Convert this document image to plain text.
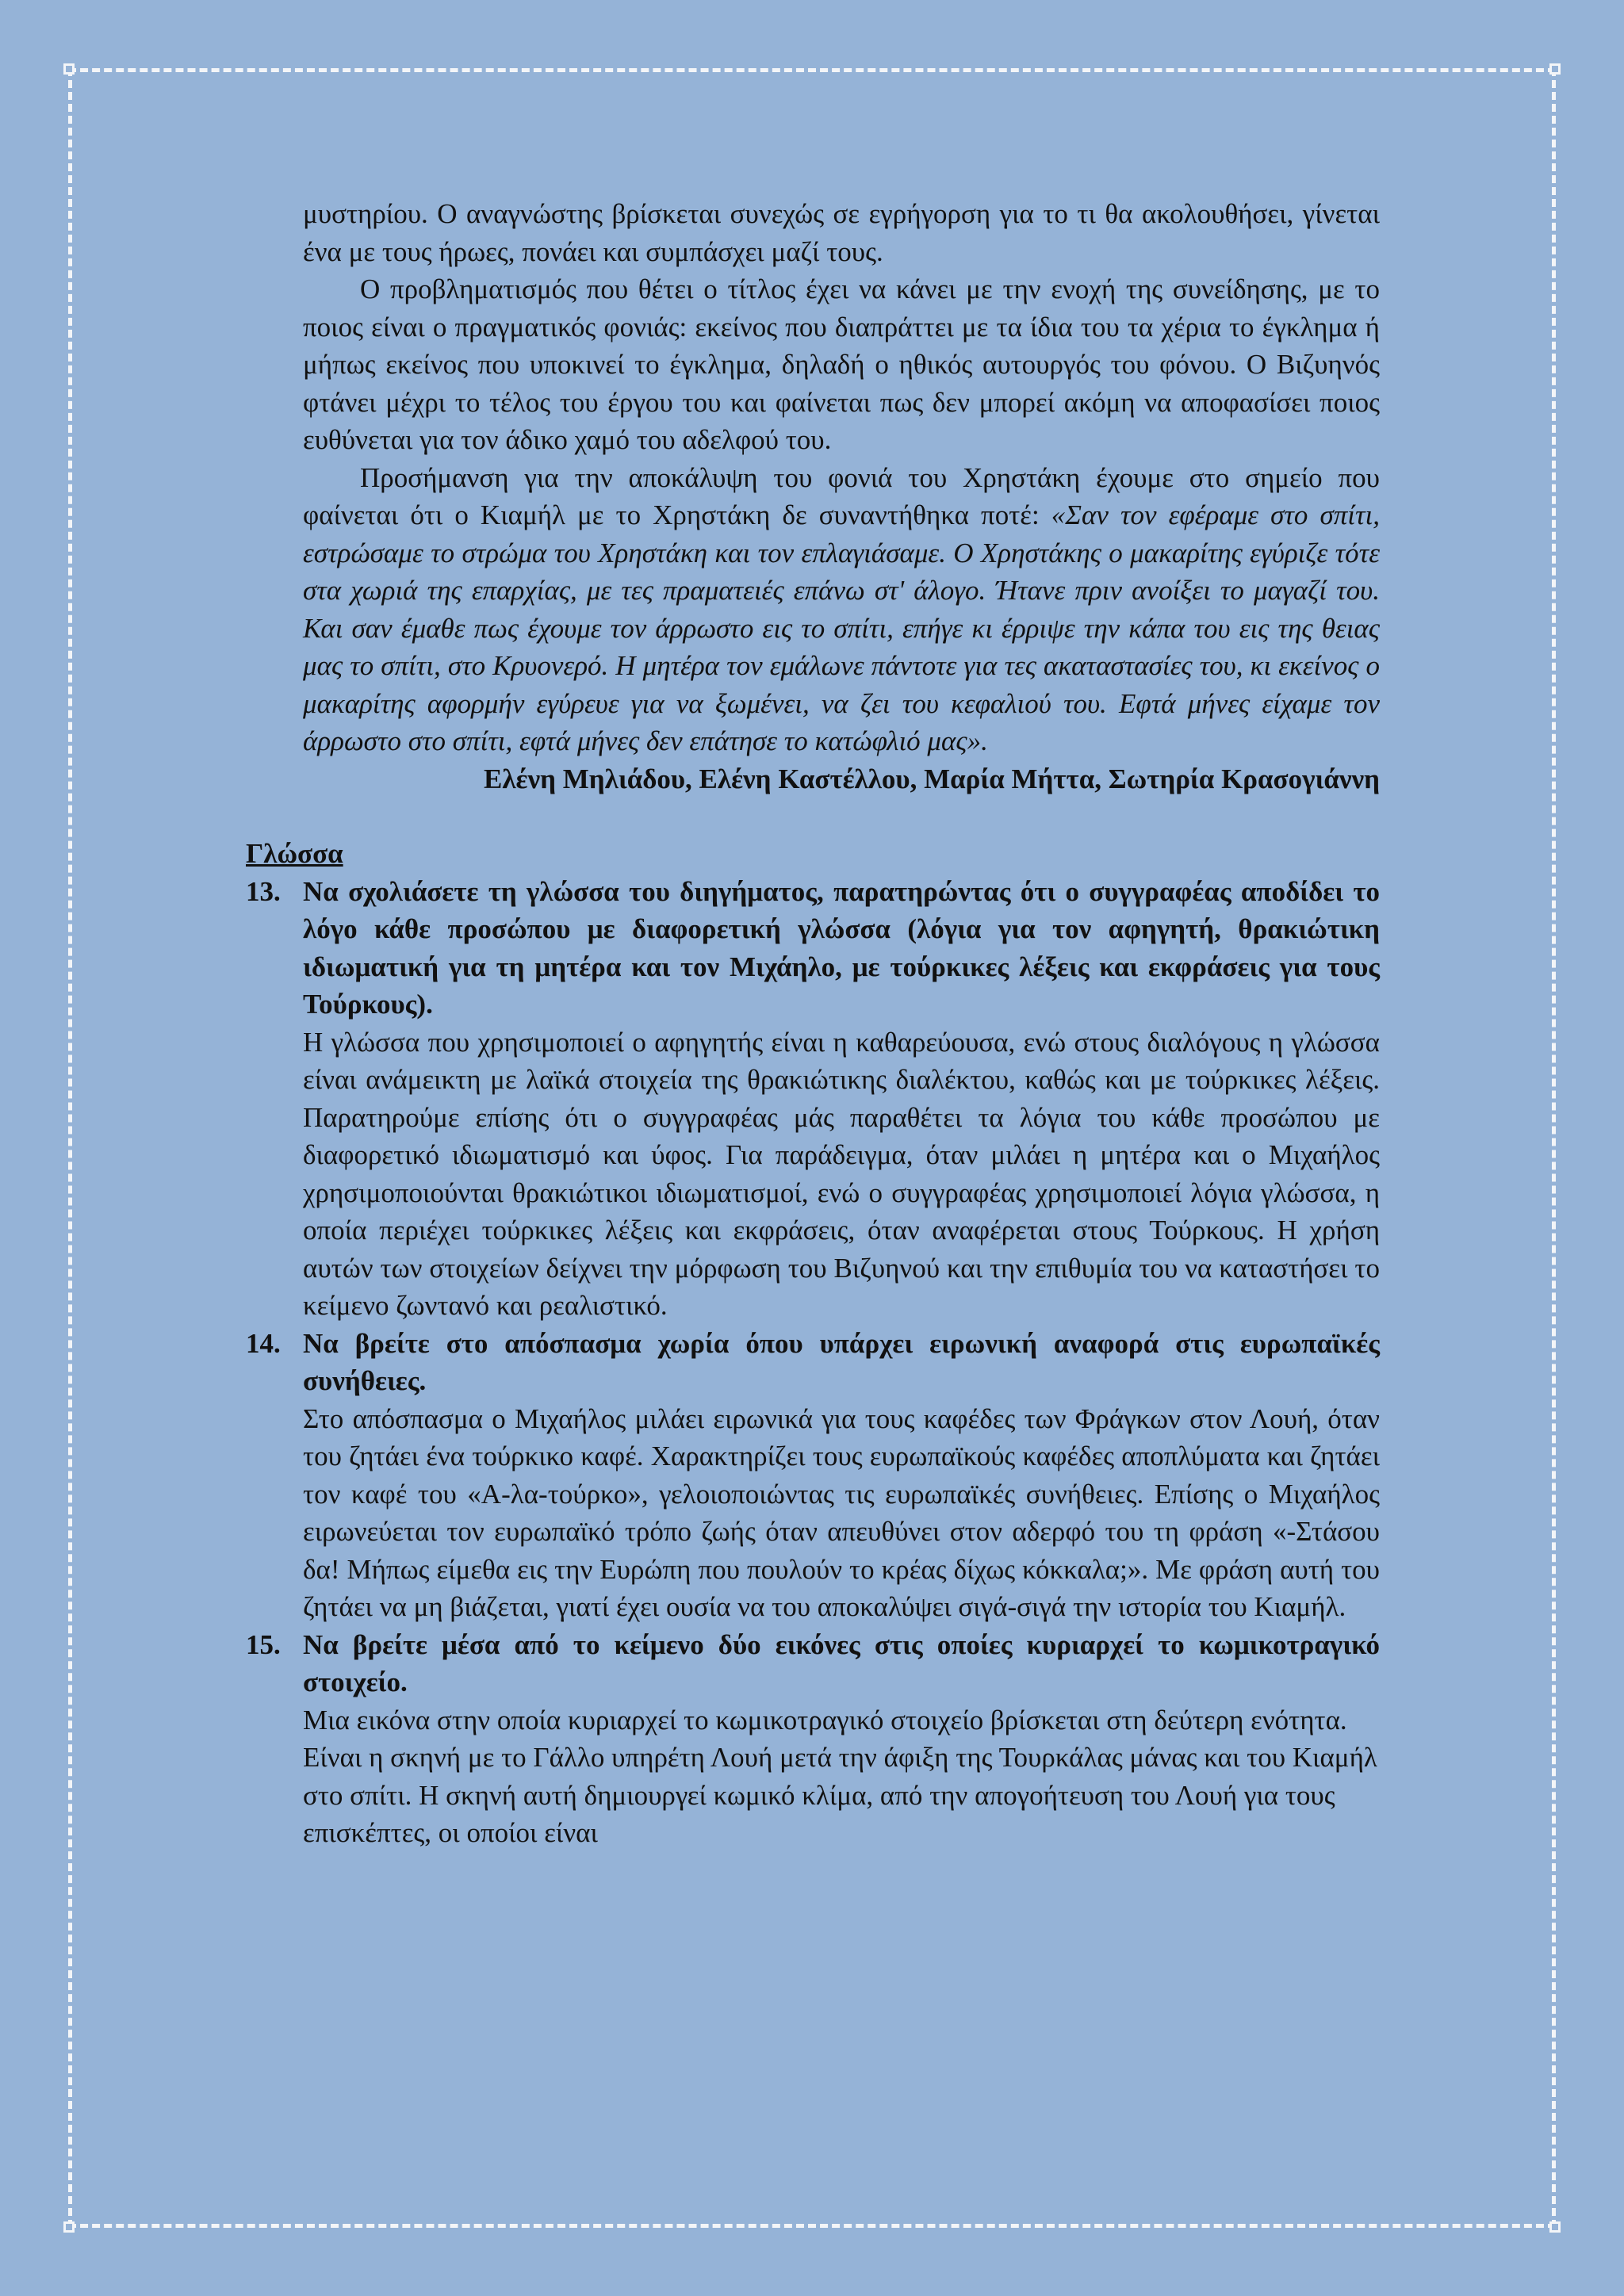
μυστηρίου. Ο αναγνώστης βρίσκεται συνεχώς σε εγρήγορση για το τι θα ακολουθήσει, γίνεται ένα με τους ήρωες, πονάει και συμπάσχει μαζί τους.

Ο προβληματισμός που θέτει ο τίτλος έχει να κάνει με την ενοχή της συνείδησης, με το ποιος είναι ο πραγματικός φονιάς: εκείνος που διαπράττει με τα ίδια του τα χέρια το έγκλημα ή μήπως εκείνος που υποκινεί το έγκλημα, δηλαδή ο ηθικός αυτουργός του φόνου. Ο Βιζυηνός φτάνει μέχρι το τέλος του έργου του και φαίνεται πως δεν μπορεί ακόμη να αποφασίσει ποιος ευθύνεται για τον άδικο χαμό του αδελφού του.

Προσήμανση για την αποκάλυψη του φονιά του Χρηστάκη έχουμε στο σημείο που φαίνεται ότι ο Κιαμήλ με το Χρηστάκη δε συναντήθηκα ποτέ: «Σαν τον εφέραμε στο σπίτι, εστρώσαμε το στρώμα του Χρηστάκη και τον επλαγιάσαμε. Ο Χρηστάκης ο μακαρίτης εγύριζε τότε στα χωριά της επαρχίας, με τες πραματειές επάνω στ' άλογο. Ήτανε πριν ανοίξει το μαγαζί του. Και σαν έμαθε πως έχουμε τον άρρωστο εις το σπίτι, επήγε κι έρριψε την κάπα του εις της θειας μας το σπίτι, στο Κρυονερό. Η μητέρα τον εμάλωνε πάντοτε για τες ακαταστασίες του, κι εκείνος ο μακαρίτης αφορμήν εγύρευε για να ξωμένει, να ζει του κεφαλιού του. Εφτά μήνες είχαμε τον άρρωστο στο σπίτι, εφτά μήνες δεν επάτησε το κατώφλιό μας».

Ελένη Μηλιάδου, Ελένη Καστέλλου, Μαρία Μήττα, Σωτηρία Κρασογιάννη

Γλώσσα

13. Να σχολιάσετε τη γλώσσα του διηγήματος, παρατηρώντας ότι ο συγγραφέας αποδίδει το λόγο κάθε προσώπου με διαφορετική γλώσσα (λόγια για τον αφηγητή, θρακιώτικη ιδιωματική για τη μητέρα και τον Μιχάηλο, με τούρκικες λέξεις και εκφράσεις για τους Τούρκους).

Η γλώσσα που χρησιμοποιεί ο αφηγητής είναι η καθαρεύουσα, ενώ στους διαλόγους η γλώσσα είναι ανάμεικτη με λαϊκά στοιχεία της θρακιώτικης διαλέκτου, καθώς και με τούρκικες λέξεις. Παρατηρούμε επίσης ότι ο συγγραφέας μάς παραθέτει τα λόγια του κάθε προσώπου με διαφορετικό ιδιωματισμό και ύφος. Για παράδειγμα, όταν μιλάει η μητέρα και ο Μιχαήλος χρησιμοποιούνται θρακιώτικοι ιδιωματισμοί, ενώ ο συγγραφέας χρησιμοποιεί λόγια γλώσσα, η οποία περιέχει τούρκικες λέξεις και εκφράσεις, όταν αναφέρεται στους Τούρκους. Η χρήση αυτών των στοιχείων δείχνει την μόρφωση του Βιζυηνού και την επιθυμία του να καταστήσει το κείμενο ζωντανό και ρεαλιστικό.

14. Να βρείτε στο απόσπασμα χωρία όπου υπάρχει ειρωνική αναφορά στις ευρωπαϊκές συνήθειες.

Στο απόσπασμα ο Μιχαήλος μιλάει ειρωνικά για τους καφέδες των Φράγκων στον Λουή, όταν του ζητάει ένα τούρκικο καφέ. Χαρακτηρίζει τους ευρωπαϊκούς καφέδες αποπλύματα και ζητάει τον καφέ του «Α-λα-τούρκο», γελοιοποιώντας τις ευρωπαϊκές συνήθειες. Επίσης ο Μιχαήλος ειρωνεύεται τον ευρωπαϊκό τρόπο ζωής όταν απευθύνει στον αδερφό του τη φράση «-Στάσου δα! Μήπως είμεθα εις την Ευρώπη που πουλούν το κρέας δίχως κόκκαλα;». Με φράση αυτή του ζητάει να μη βιάζεται, γιατί έχει ουσία να του αποκαλύψει σιγά-σιγά την ιστορία του Κιαμήλ.

15. Να βρείτε μέσα από το κείμενο δύο εικόνες στις οποίες κυριαρχεί το κωμικοτραγικό στοιχείο.

Μια εικόνα στην οποία κυριαρχεί το κωμικοτραγικό στοιχείο βρίσκεται στη δεύτερη ενότητα. Είναι η σκηνή με το Γάλλο υπηρέτη Λουή μετά την άφιξη της Τουρκάλας μάνας και του Κιαμήλ στο σπίτι. Η σκηνή αυτή δημιουργεί κωμικό κλίμα, από την απογοήτευση του Λουή για τους επισκέπτες, οι οποίοι είναι
